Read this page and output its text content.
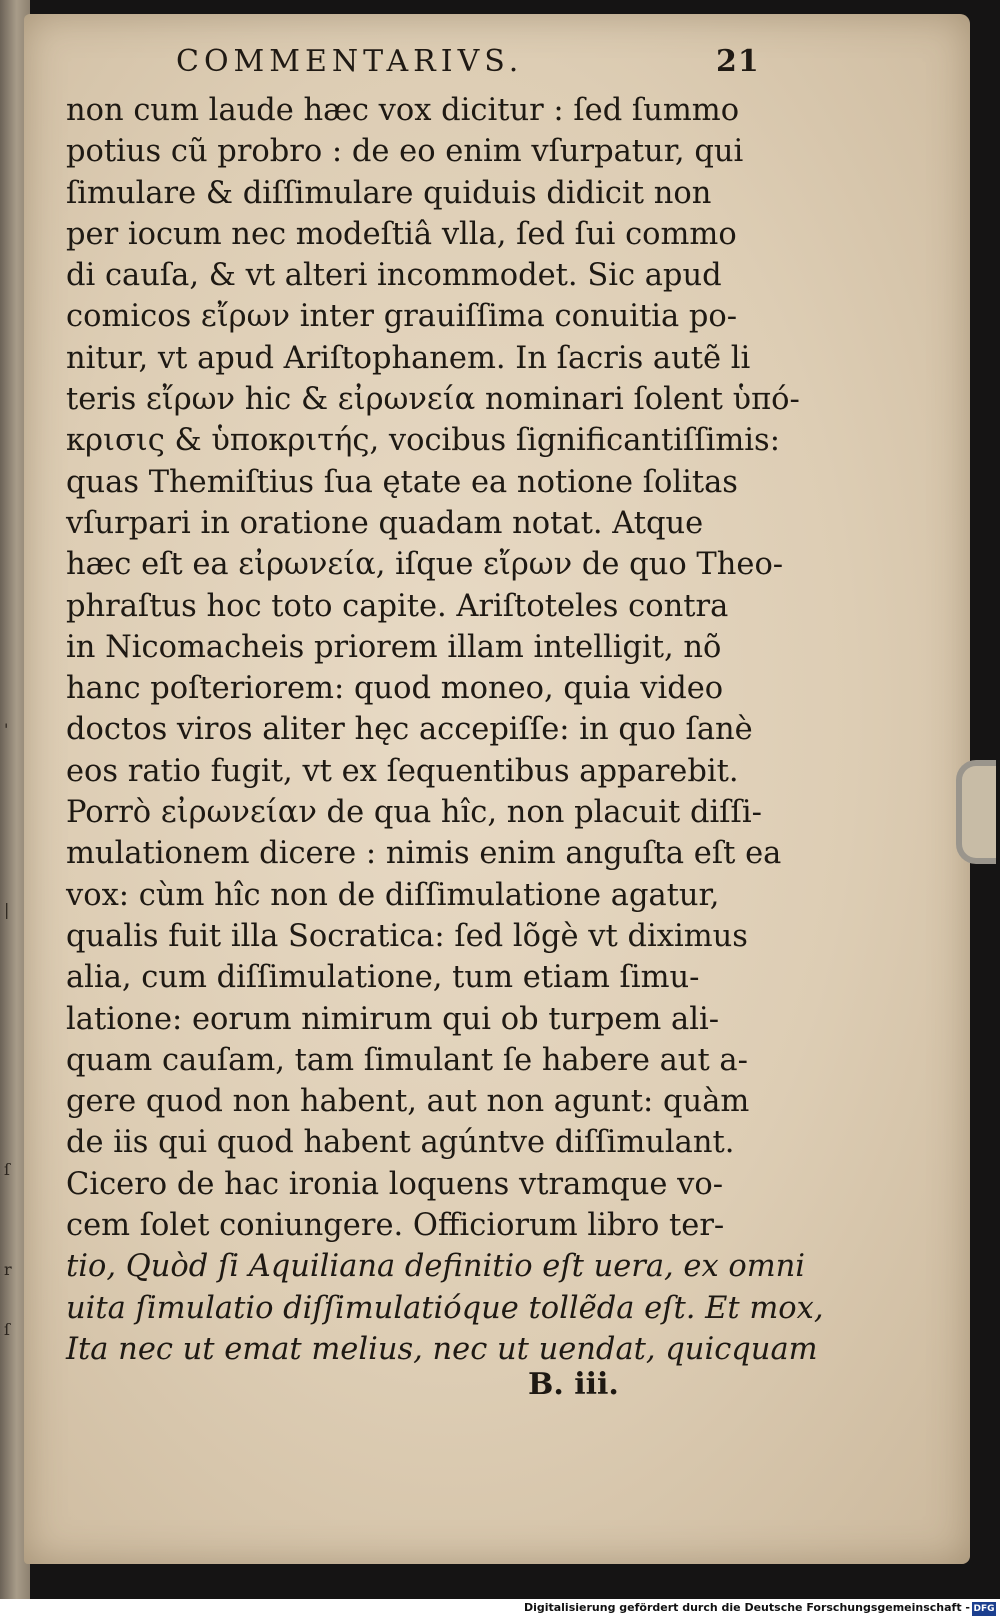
'
|
ſ
r
ſ
COMMENTARIVS.	21
non cum laude hæc vox dicitur : ſed ſummo
potius cũ probro : de eo enim vſurpatur, qui
ſimulare & diſſimulare quiduis didicit non
per iocum nec modeſtiâ vlla, ſed ſui commo
di cauſa, & vt alteri incommodet. Sic apud
comicos εἴρων inter grauiſſima conuitia po-
nitur, vt apud Ariſtophanem. In ſacris autẽ li
teris εἴρων hic & εἰρωνεία nominari ſolent ὑπό-
κρισις & ὑποκριτής, vocibus ſignificantiſſimis:
quas Themiſtius ſua ętate ea notione ſolitas
vſurpari in oratione quadam notat. Atque
hæc eſt ea εἰρωνεία, iſque εἴρων de quo Theo-
phraſtus hoc toto capite. Ariſtoteles contra
in Nicomacheis priorem illam intelligit, nõ
hanc poſteriorem: quod moneo, quia video
doctos viros aliter hęc accepiſſe: in quo ſanè
eos ratio fugit, vt ex ſequentibus apparebit.
Porrò εἰρωνείαν de qua hîc, non placuit diſſi-
mulationem dicere : nimis enim anguſta eſt ea
vox: cùm hîc non de diſſimulatione agatur,
qualis fuit illa Socratica: ſed lõgè vt diximus
alia, cum diſſimulatione, tum etiam ſimu-
latione: eorum nimirum qui ob turpem ali-
quam cauſam, tam ſimulant ſe habere aut a-
gere quod non habent, aut non agunt: quàm
de iis qui quod habent agúntve diſſimulant.
Cicero de hac ironia loquens vtramque vo-
cem ſolet coniungere. Officiorum libro ter-
tio, Quòd ſi Aquiliana definitio eſt uera, ex omni
uita ſimulatio diſſimulatióque tollẽda eſt. Et mox,
Ita nec ut emat melius, nec ut uendat, quicquam
B. iii.
Digitalisierung gefördert durch die Deutsche Forschungsgemeinschaft - DFG
